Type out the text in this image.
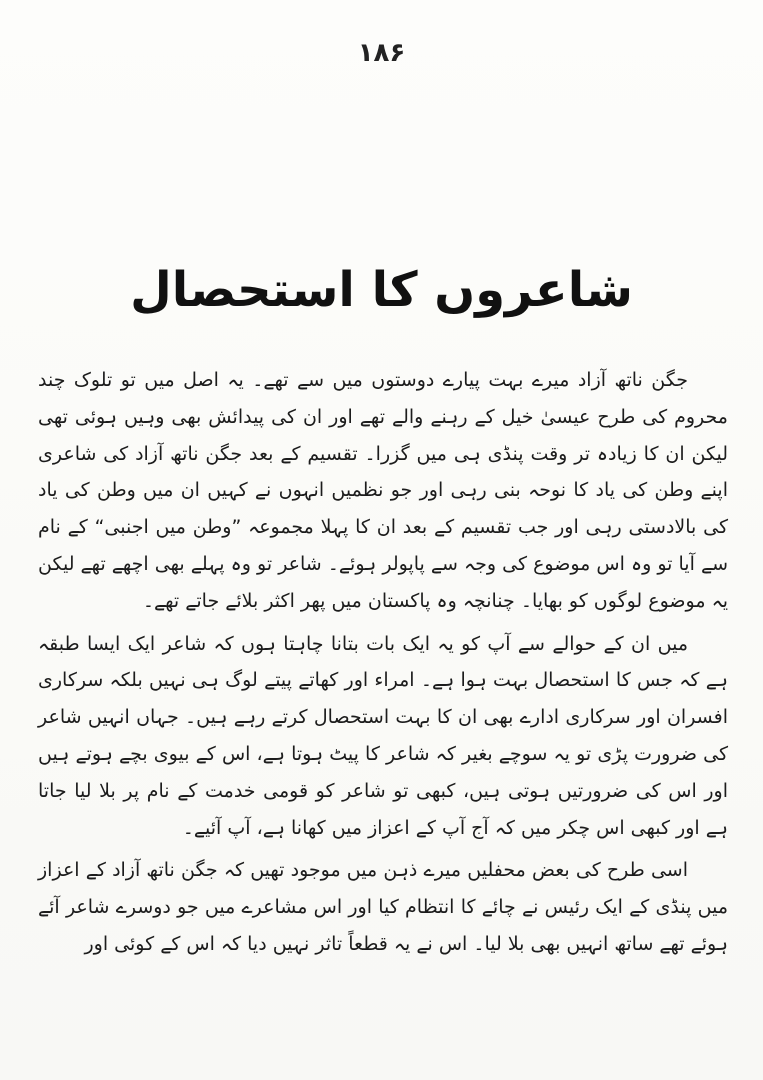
۱۸۶
شاعروں کا استحصال

جگن ناتھ آزاد میرے بہت پیارے دوستوں میں سے تھے۔ یہ اصل میں تو تلوک چند محروم کی طرح عیسیٰ خیل کے رہنے والے تھے اور ان کی پیدائش بھی وہیں ہوئی تھی لیکن ان کا زیادہ تر وقت پنڈی ہی میں گزرا۔ تقسیم کے بعد جگن ناتھ آزاد کی شاعری اپنے وطن کی یاد کا نوحہ بنی رہی اور جو نظمیں انہوں نے کہیں ان میں وطن کی یاد کی بالادستی رہی اور جب تقسیم کے بعد ان کا پہلا مجموعہ ”وطن میں اجنبی“ کے نام سے آیا تو وہ اس موضوع کی وجہ سے پاپولر ہوئے۔ شاعر تو وہ پہلے بھی اچھے تھے لیکن یہ موضوع لوگوں کو بھایا۔ چنانچہ وہ پاکستان میں پھر اکثر بلائے جاتے تھے۔

میں ان کے حوالے سے آپ کو یہ ایک بات بتانا چاہتا ہوں کہ شاعر ایک ایسا طبقہ ہے کہ جس کا استحصال بہت ہوا ہے۔ امراء اور کھاتے پیتے لوگ ہی نہیں بلکہ سرکاری افسران اور سرکاری ادارے بھی ان کا بہت استحصال کرتے رہے ہیں۔ جہاں انہیں شاعر کی ضرورت پڑی تو یہ سوچے بغیر کہ شاعر کا پیٹ ہوتا ہے، اس کے بیوی بچے ہوتے ہیں اور اس کی ضرورتیں ہوتی ہیں، کبھی تو شاعر کو قومی خدمت کے نام پر بلا لیا جاتا ہے اور کبھی اس چکر میں کہ آج آپ کے اعزاز میں کھانا ہے، آپ آئیے۔

اسی طرح کی بعض محفلیں میرے ذہن میں موجود تھیں کہ جگن ناتھ آزاد کے اعزاز میں پنڈی کے ایک رئیس نے چائے کا انتظام کیا اور اس مشاعرے میں جو دوسرے شاعر آئے ہوئے تھے ساتھ انہیں بھی بلا لیا۔ اس نے یہ قطعاً تاثر نہیں دیا کہ اس کے کوئی اور
